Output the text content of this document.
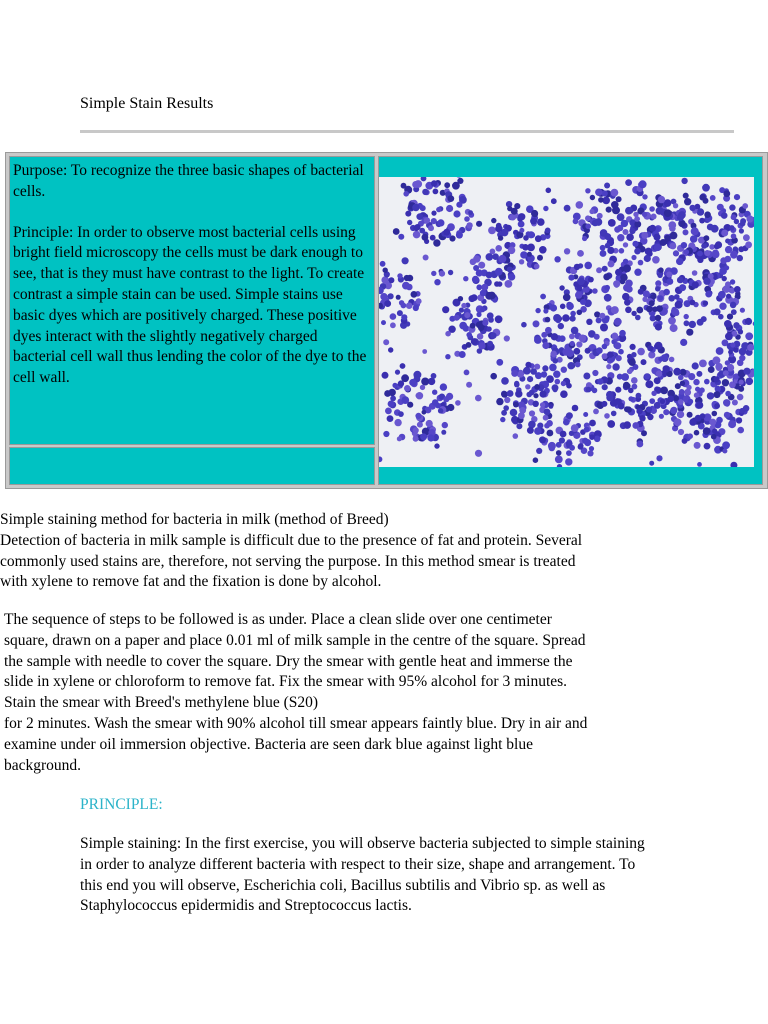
Simple Stain Results

Purpose: To recognize the three basic shapes of bacterial cells.

Principle: In order to observe most bacterial cells using bright field microscopy the cells must be dark enough to see, that is they must have contrast to the light. To create contrast a simple stain can be used. Simple stains use basic dyes which are positively charged. These positive dyes interact with the slightly negatively charged bacterial cell wall thus lending the color of the dye to the cell wall.

Simple staining method for bacteria in milk (method of Breed)
Detection of bacteria in milk sample is difficult due to the presence of fat and protein. Several
commonly used stains are, therefore, not serving the purpose. In this method smear is treated
with xylene to remove fat and the fixation is done by alcohol.
The sequence of steps to be followed is as under. Place a clean slide over one centimeter
square, drawn on a paper and place 0.01 ml of milk sample in the centre of the square. Spread
the sample with needle to cover the square. Dry the smear with gentle heat and immerse the
slide in xylene or chloroform to remove fat. Fix the smear with 95% alcohol for 3 minutes.
Stain the smear with Breed's methylene blue (S20)
for 2 minutes. Wash the smear with 90% alcohol till smear appears faintly blue. Dry in air and
examine under oil immersion objective. Bacteria are seen dark blue against light blue
background.
PRINCIPLE:
Simple staining: In the first exercise, you will observe bacteria subjected to simple staining
in order to analyze different bacteria with respect to their size, shape and arrangement. To
this end you will observe, Escherichia coli, Bacillus subtilis and Vibrio sp. as well as
Staphylococcus epidermidis and Streptococcus lactis.
